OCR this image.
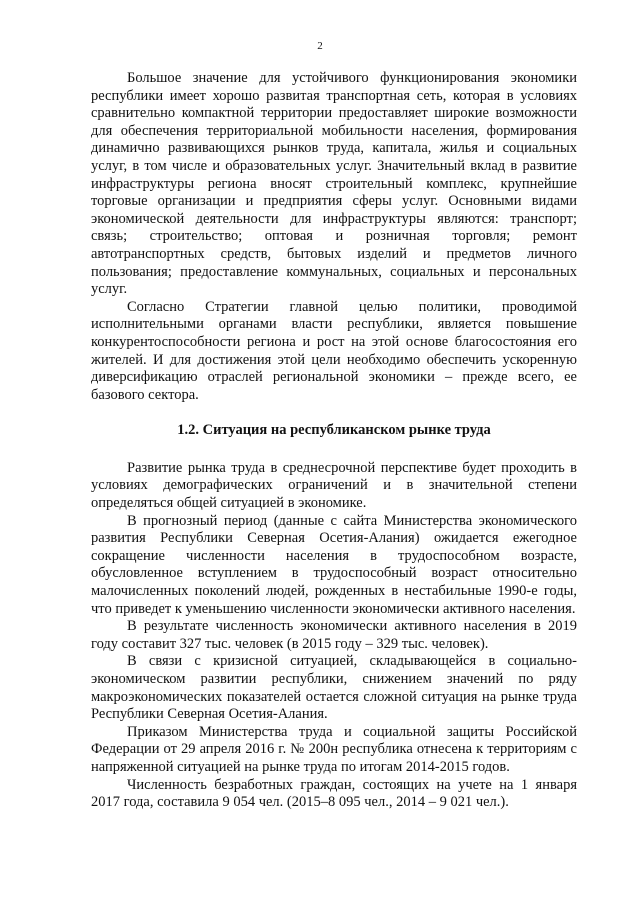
2

Большое значение для устойчивого функционирования экономики республики имеет хорошо развитая транспортная сеть, которая в условиях сравнительно компактной территории предоставляет широкие возможности для обеспечения территориальной мобильности населения, формирования динамично развивающихся рынков труда, капитала, жилья и социальных услуг, в том числе и образовательных услуг. Значительный вклад в развитие инфраструктуры региона вносят строительный комплекс, крупнейшие торговые организации и предприятия сферы услуг. Основными видами экономической деятельности для инфраструктуры являются: транспорт; связь; строительство; оптовая и розничная торговля; ремонт автотранспортных средств, бытовых изделий и предметов личного пользования; предоставление коммунальных, социальных и персональных услуг.

Согласно Стратегии главной целью политики, проводимой исполнительными органами власти республики, является повышение конкурентоспособности региона и рост на этой основе благосостояния его жителей. И для достижения этой цели необходимо обеспечить ускоренную диверсификацию отраслей региональной экономики – прежде всего, ее базового сектора.

1.2. Ситуация на республиканском рынке труда

Развитие рынка труда в среднесрочной перспективе будет проходить в условиях демографических ограничений и в значительной степени определяться общей ситуацией в экономике.

В прогнозный период (данные с сайта Министерства экономического развития Республики Северная Осетия-Алания) ожидается ежегодное сокращение численности населения в трудоспособном возрасте, обусловленное вступлением в трудоспособный возраст относительно малочисленных поколений людей, рожденных в нестабильные 1990-е годы, что приведет к уменьшению численности экономически активного населения.

В результате численность экономически активного населения в 2019 году составит 327 тыс. человек (в 2015 году – 329 тыс. человек).

В связи с кризисной ситуацией, складывающейся в социально-экономическом развитии республики, снижением значений по ряду макроэкономических показателей остается сложной ситуация на рынке труда Республики Северная Осетия-Алания.

Приказом Министерства труда и социальной защиты Российской Федерации от 29 апреля 2016 г. № 200н республика отнесена к территориям с напряженной ситуацией на рынке труда по итогам 2014-2015 годов.

Численность безработных граждан, состоящих на учете на 1 января 2017 года, составила 9 054 чел. (2015–8 095 чел., 2014 – 9 021 чел.).
